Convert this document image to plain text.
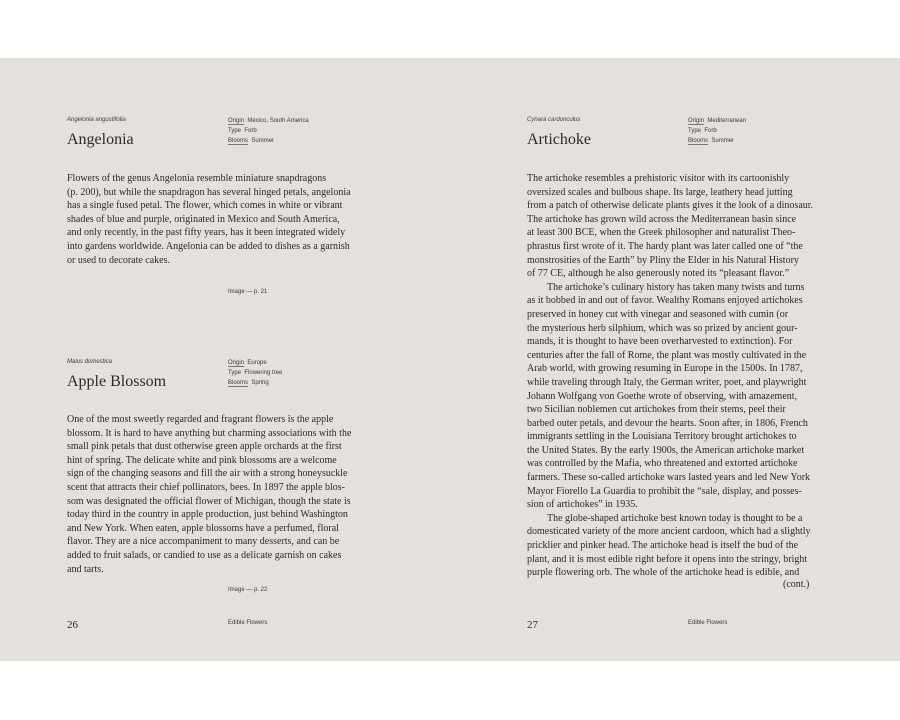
Angelonia angustifolia
Angelonia
Origin Mexico, South America
Type Forb
Blooms Summer
Flowers of the genus Angelonia resemble miniature snapdragons
(p. 200), but while the snapdragon has several hinged petals, angelonia
has a single fused petal. The flower, which comes in white or vibrant
shades of blue and purple, originated in Mexico and South America,
and only recently, in the past fifty years, has it been integrated widely
into gardens worldwide. Angelonia can be added to dishes as a garnish
or used to decorate cakes.
Image — p. 21
Malus domestica
Apple Blossom
Origin Europe
Type Flowering tree
Blooms Spring
One of the most sweetly regarded and fragrant flowers is the apple
blossom. It is hard to have anything but charming associations with the
small pink petals that dust otherwise green apple orchards at the first
hint of spring. The delicate white and pink blossoms are a welcome
sign of the changing seasons and fill the air with a strong honeysuckle
scent that attracts their chief pollinators, bees. In 1897 the apple blos-
som was designated the official flower of Michigan, though the state is
today third in the country in apple production, just behind Washington
and New York. When eaten, apple blossoms have a perfumed, floral
flavor. They are a nice accompaniment to many desserts, and can be
added to fruit salads, or candied to use as a delicate garnish on cakes
and tarts.
Image — p. 22
26	Edible Flowers
Cynara cardunculus
Artichoke
Origin Mediterranean
Type Forb
Blooms Summer
The artichoke resembles a prehistoric visitor with its cartoonishly
oversized scales and bulbous shape. Its large, leathery head jutting
from a patch of otherwise delicate plants gives it the look of a dinosaur.
The artichoke has grown wild across the Mediterranean basin since
at least 300 BCE, when the Greek philosopher and naturalist Theo-
phrastus first wrote of it. The hardy plant was later called one of “the
monstrosities of the Earth” by Pliny the Elder in his Natural History
of 77 CE, although he also generously noted its “pleasant flavor.”
The artichoke’s culinary history has taken many twists and turns
as it bobbed in and out of favor. Wealthy Romans enjoyed artichokes
preserved in honey cut with vinegar and seasoned with cumin (or
the mysterious herb silphium, which was so prized by ancient gour-
mands, it is thought to have been overharvested to extinction). For
centuries after the fall of Rome, the plant was mostly cultivated in the
Arab world, with growing resuming in Europe in the 1500s. In 1787,
while traveling through Italy, the German writer, poet, and playwright
Johann Wolfgang von Goethe wrote of observing, with amazement,
two Sicilian noblemen cut artichokes from their stems, peel their
barbed outer petals, and devour the hearts. Soon after, in 1806, French
immigrants settling in the Louisiana Territory brought artichokes to
the United States. By the early 1900s, the American artichoke market
was controlled by the Mafia, who threatened and extorted artichoke
farmers. These so-called artichoke wars lasted years and led New York
Mayor Fiorello La Guardia to prohibit the “sale, display, and posses-
sion of artichokes” in 1935.
The globe-shaped artichoke best known today is thought to be a
domesticated variety of the more ancient cardoon, which had a slightly
pricklier and pinker head. The artichoke head is itself the bud of the
plant, and it is most edible right before it opens into the stringy, bright
purple flowering orb. The whole of the artichoke head is edible, and
(cont.)
27	Edible Flowers
